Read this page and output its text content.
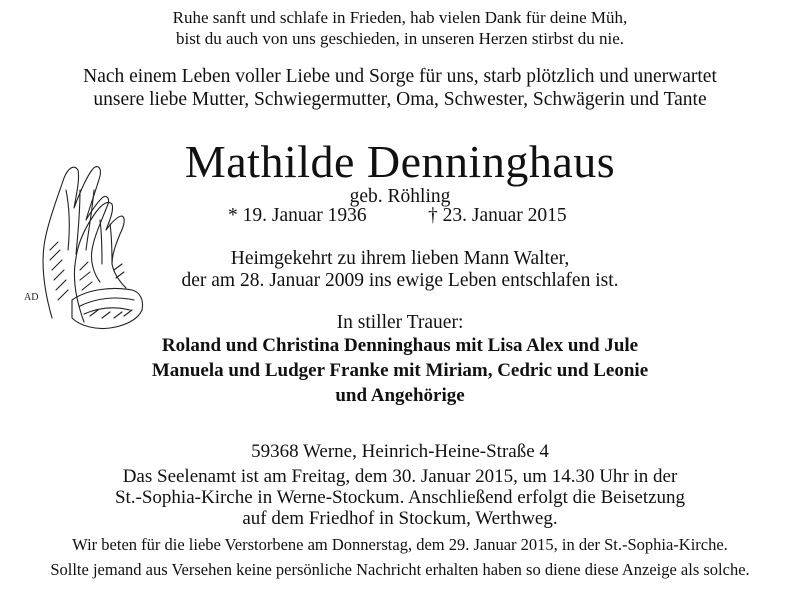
Ruhe sanft und schlafe in Frieden, hab vielen Dank für deine Müh,
bist du auch von uns geschieden, in unseren Herzen stirbst du nie.
Nach einem Leben voller Liebe und Sorge für uns, starb plötzlich und unerwartet
unsere liebe Mutter, Schwiegermutter, Oma, Schwester, Schwägerin und Tante
AD
Mathilde Denninghaus
geb. Röhling
* 19. Januar 1936	† 23. Januar 2015
Heimgekehrt zu ihrem lieben Mann Walter,
der am 28. Januar 2009 ins ewige Leben entschlafen ist.
In stiller Trauer:
Roland und Christina Denninghaus mit Lisa Alex und Jule
Manuela und Ludger Franke mit Miriam, Cedric und Leonie
und Angehörige
59368 Werne, Heinrich-Heine-Straße 4
Das Seelenamt ist am Freitag, dem 30. Januar 2015, um 14.30 Uhr in der
St.-Sophia-Kirche in Werne-Stockum. Anschließend erfolgt die Beisetzung
auf dem Friedhof in Stockum, Werthweg.
Wir beten für die liebe Verstorbene am Donnerstag, dem 29. Januar 2015, in der St.-Sophia-Kirche.
Sollte jemand aus Versehen keine persönliche Nachricht erhalten haben so diene diese Anzeige als solche.
